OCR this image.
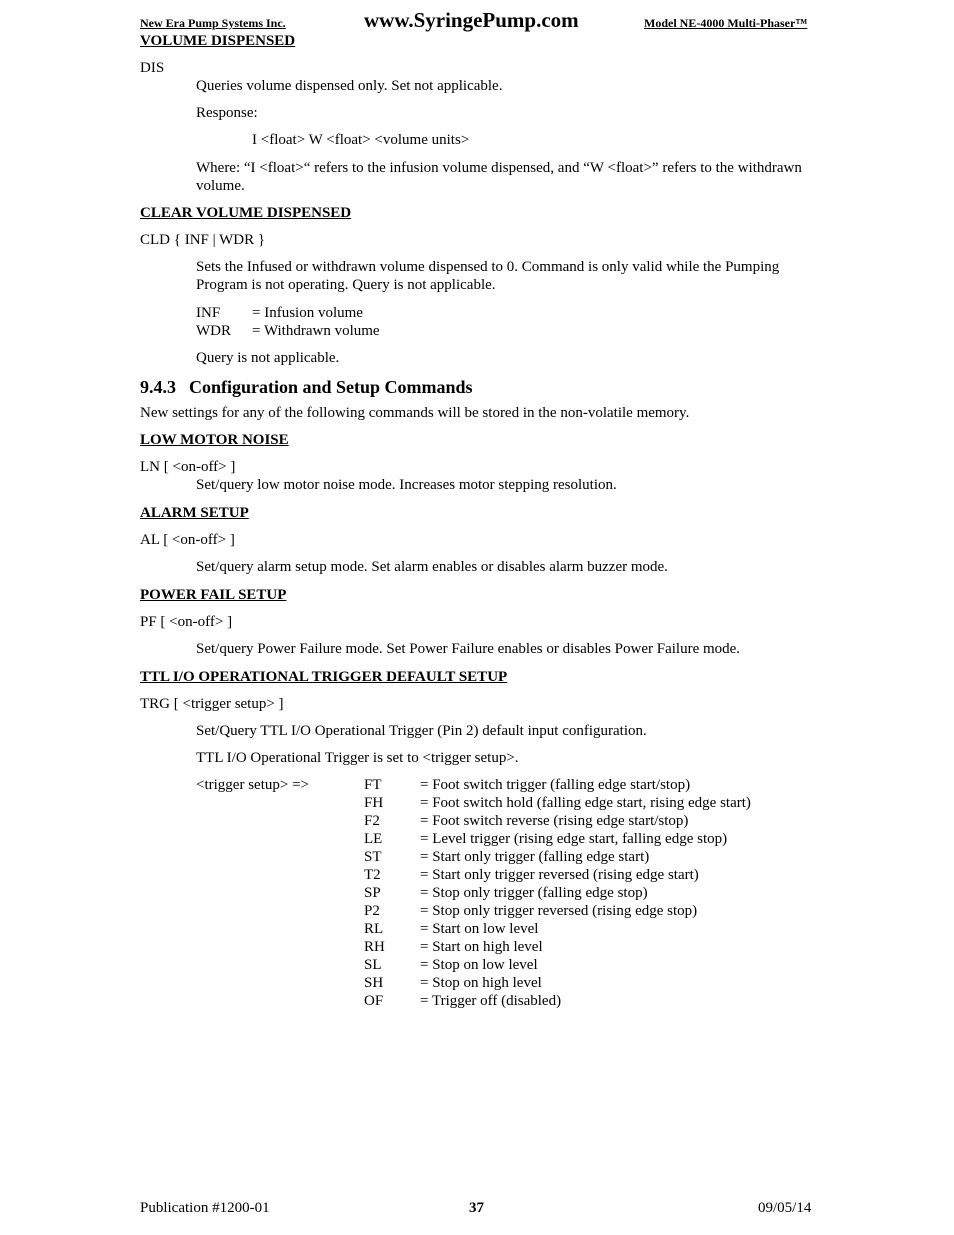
New Era Pump Systems Inc.	www.SyringePump.com	Model NE-4000 Multi-Phaser™
VOLUME DISPENSED
DIS
Queries volume dispensed only. Set not applicable.
Response:
I <float> W <float> <volume units>
Where: “I <float>“ refers to the infusion volume dispensed, and “W <float>” refers to the withdrawn
volume.
CLEAR VOLUME DISPENSED
CLD { INF | WDR }
Sets the Infused or withdrawn volume dispensed to 0. Command is only valid while the Pumping
Program is not operating. Query is not applicable.
INF = Infusion volume
WDR = Withdrawn volume
Query is not applicable.
9.4.3 Configuration and Setup Commands
New settings for any of the following commands will be stored in the non-volatile memory.
LOW MOTOR NOISE
LN [ <on-off> ]
Set/query low motor noise mode. Increases motor stepping resolution.
ALARM SETUP
AL [ <on-off> ]
Set/query alarm setup mode. Set alarm enables or disables alarm buzzer mode.
POWER FAIL SETUP
PF [ <on-off> ]
Set/query Power Failure mode. Set Power Failure enables or disables Power Failure mode.
TTL I/O OPERATIONAL TRIGGER DEFAULT SETUP
TRG [ <trigger setup> ]
Set/Query TTL I/O Operational Trigger (Pin 2) default input configuration.
TTL I/O Operational Trigger is set to <trigger setup>.
<trigger setup> =>	FT	= Foot switch trigger (falling edge start/stop)
FH = Foot switch hold (falling edge start, rising edge start)
F2	= Foot switch reverse (rising edge start/stop)
LE	= Level trigger (rising edge start, falling edge stop)
ST	= Start only trigger (falling edge start)
T2	= Start only trigger reversed (rising edge start)
SP	= Stop only trigger (falling edge stop)
P2	= Stop only trigger reversed (rising edge stop)
RL = Start on low level
RH = Start on high level
SL	= Stop on low level
SH = Stop on high level
OF = Trigger off (disabled)
Publication #1200-01	37	09/05/14
